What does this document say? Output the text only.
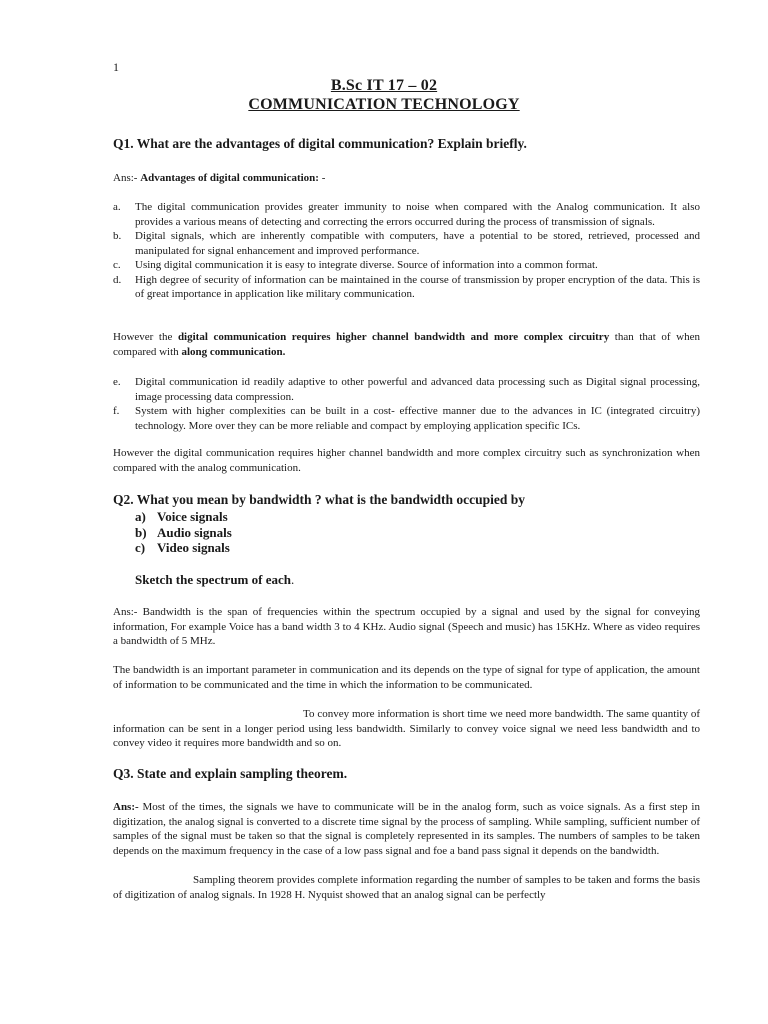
1
B.Sc IT 17 – 02
COMMUNICATION TECHNOLOGY
Q1. What are the advantages of digital communication? Explain briefly.
Ans:- Advantages of digital communication: -
a. The digital communication provides greater immunity to noise when compared with the Analog communication. It also provides a various means of detecting and correcting the errors occurred during the process of transmission of signals.
b. Digital signals, which are inherently compatible with computers, have a potential to be stored, retrieved, processed and manipulated for signal enhancement and improved performance.
c. Using digital communication it is easy to integrate diverse. Source of information into a common format.
d. High degree of security of information can be maintained in the course of transmission by proper encryption of the data. This is of great importance in application like military communication.
However the digital communication requires higher channel bandwidth and more complex circuitry than that of when compared with along communication.
e. Digital communication id readily adaptive to other powerful and advanced data processing such as Digital signal processing, image processing data compression.
f. System with higher complexities can be built in a cost- effective manner due to the advances in IC (integrated circuitry) technology. More over they can be more reliable and compact by employing application specific ICs.
However the digital communication requires higher channel bandwidth and more complex circuitry such as synchronization when compared with the analog communication.
Q2. What you mean by bandwidth ? what is the bandwidth occupied by
a) Voice signals
b) Audio signals
c) Video signals
Sketch the spectrum of each.
Ans:- Bandwidth is the span of frequencies within the spectrum occupied by a signal and used by the signal for conveying information, For example Voice has a band width 3 to 4 KHz. Audio signal (Speech and music) has 15KHz. Where as video requires a bandwidth of 5 MHz.
The bandwidth is an important parameter in communication and its depends on the type of signal for type of application, the amount of information to be communicated and the time in which the information to be communicated.
To convey more information is short time we need more bandwidth. The same quantity of information can be sent in a longer period using less bandwidth. Similarly to convey voice signal we need less bandwidth and to convey video it requires more bandwidth and so on.
Q3. State and explain sampling theorem.
Ans:- Most of the times, the signals we have to communicate will be in the analog form, such as voice signals. As a first step in digitization, the analog signal is converted to a discrete time signal by the process of sampling. While sampling, sufficient number of samples of the signal must be taken so that the signal is completely represented in its samples. The numbers of samples to be taken depends on the maximum frequency in the case of a low pass signal and foe a band pass signal it depends on the bandwidth.
Sampling theorem provides complete information regarding the number of samples to be taken and forms the basis of digitization of analog signals. In 1928 H. Nyquist showed that an analog signal can be perfectly
